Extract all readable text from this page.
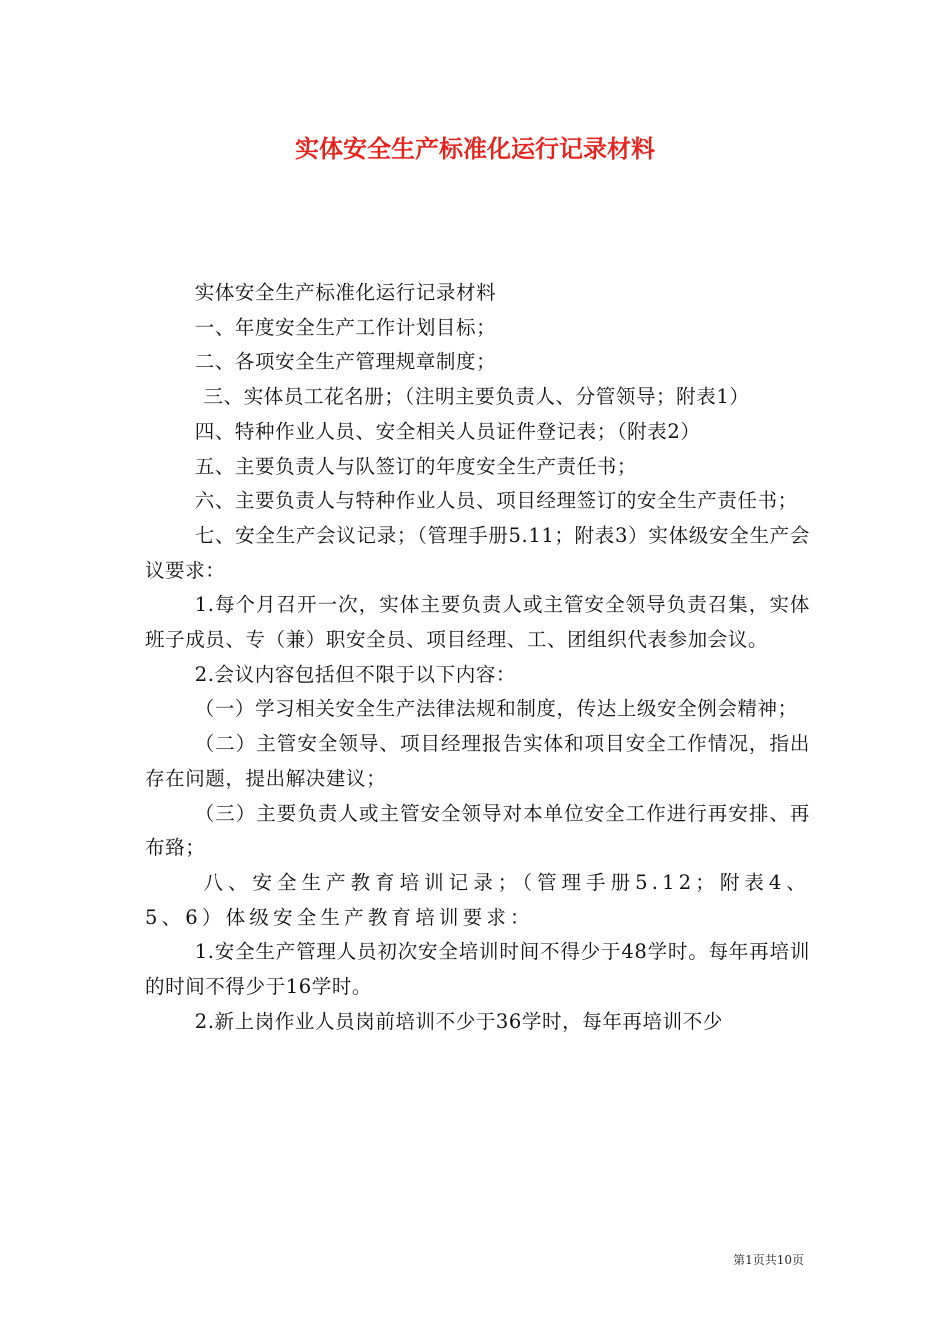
实体安全生产标准化运行记录材料

实体安全生产标准化运行记录材料

一、年度安全生产工作计划目标；

二、各项安全生产管理规章制度；

三、实体员工花名册；（注明主要负责人、分管领导；附表1）

四、特种作业人员、安全相关人员证件登记表；（附表2）

五、主要负责人与队签订的年度安全生产责任书；

六、主要负责人与特种作业人员、项目经理签订的安全生产责任书；

七、安全生产会议记录；（管理手册5.11；附表3）实体级安全生产会议要求：

1.每个月召开一次，实体主要负责人或主管安全领导负责召集，实体班子成员、专（兼）职安全员、项目经理、工、团组织代表参加会议。

2.会议内容包括但不限于以下内容：

（一）学习相关安全生产法律法规和制度，传达上级安全例会精神；

（二）主管安全领导、项目经理报告实体和项目安全工作情况，指出存在问题，提出解决建议；

（三）主要负责人或主管安全领导对本单位安全工作进行再安排、再布臵；

八、安全生产教育培训记录；（管理手册5.12；附表4、5、6）体级安全生产教育培训要求：

1.安全生产管理人员初次安全培训时间不得少于48学时。每年再培训的时间不得少于16学时。

2.新上岗作业人员岗前培训不少于36学时，每年再培训不少

第1页共10页
